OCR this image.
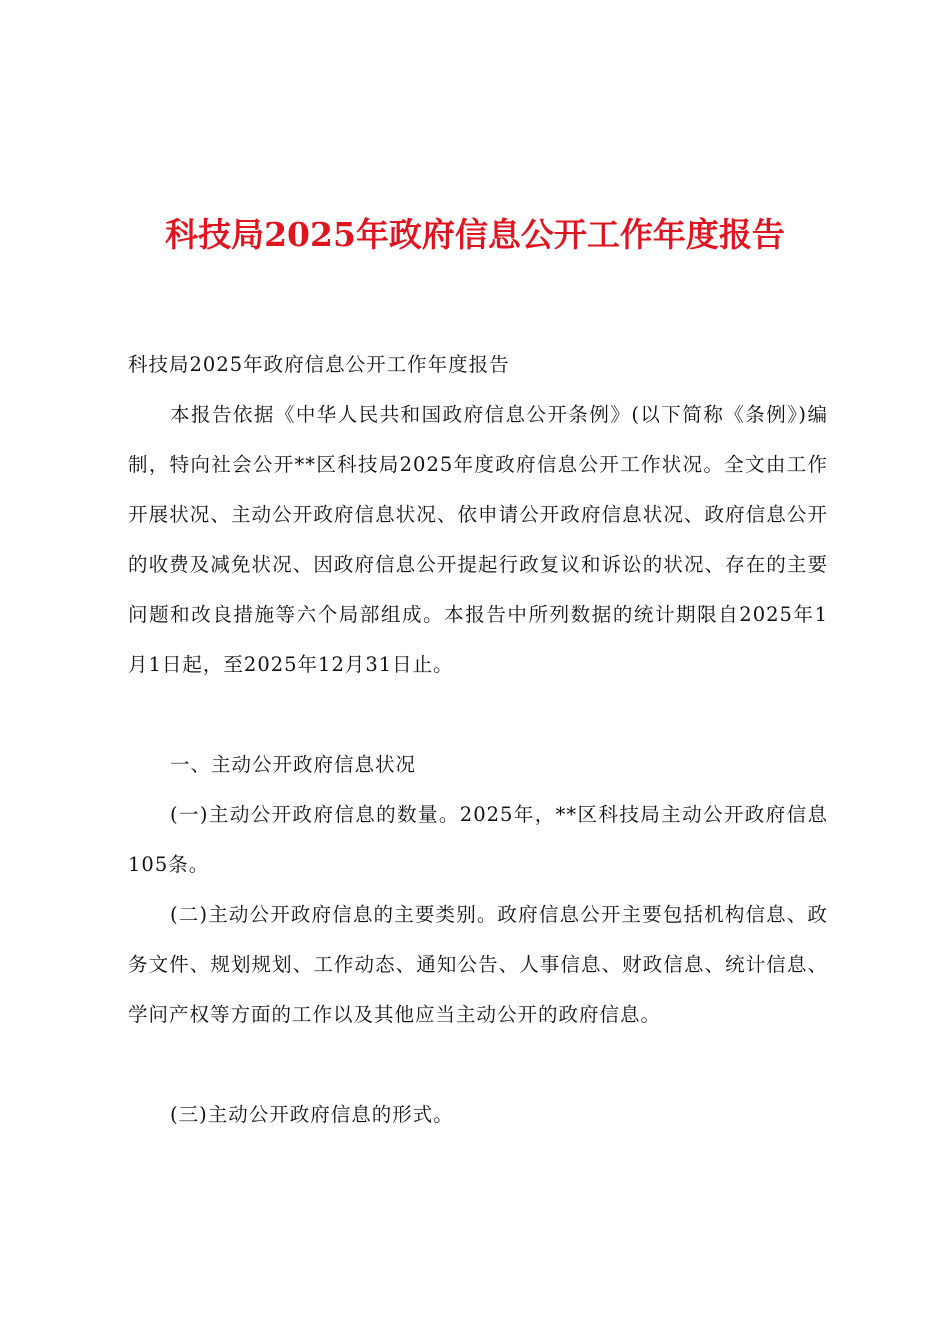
科技局2025年政府信息公开工作年度报告

科技局2025年政府信息公开工作年度报告

本报告依据《中华人民共和国政府信息公开条例》(以下简称《条例》)编制，特向社会公开**区科技局2025年度政府信息公开工作状况。全文由工作开展状况、主动公开政府信息状况、依申请公开政府信息状况、政府信息公开的收费及减免状况、因政府信息公开提起行政复议和诉讼的状况、存在的主要问题和改良措施等六个局部组成。本报告中所列数据的统计期限自2025年1月1日起，至2025年12月31日止。

一、主动公开政府信息状况

(一)主动公开政府信息的数量。2025年，**区科技局主动公开政府信息105条。

(二)主动公开政府信息的主要类别。政府信息公开主要包括机构信息、政务文件、规划规划、工作动态、通知公告、人事信息、财政信息、统计信息、学问产权等方面的工作以及其他应当主动公开的政府信息。

(三)主动公开政府信息的形式。
